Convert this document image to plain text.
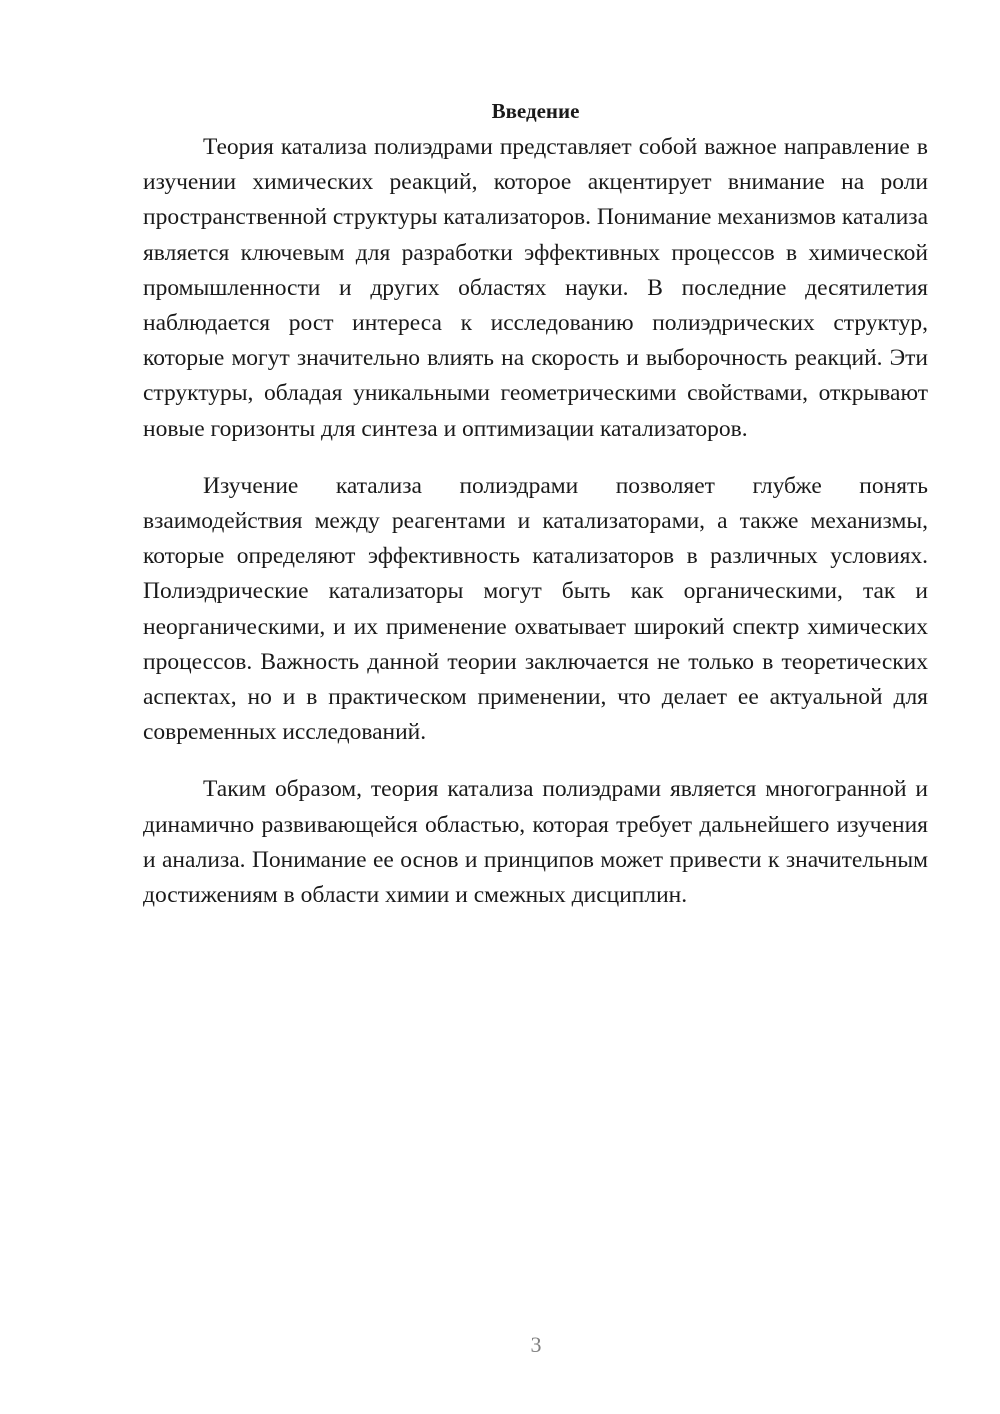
Введение

Теория катализа полиэдрами представляет собой важное направление в изучении химических реакций, которое акцентирует внимание на роли пространственной структуры катализаторов. Понимание механизмов катализа является ключевым для разработки эффективных процессов в химической промышленности и других областях науки. В последние десятилетия наблюдается рост интереса к исследованию полиэдрических структур, которые могут значительно влиять на скорость и выборочность реакций. Эти структуры, обладая уникальными геометрическими свойствами, открывают новые горизонты для синтеза и оптимизации катализаторов.

Изучение катализа полиэдрами позволяет глубже понять взаимодействия между реагентами и катализаторами, а также механизмы, которые определяют эффективность катализаторов в различных условиях. Полиэдрические катализаторы могут быть как органическими, так и неорганическими, и их применение охватывает широкий спектр химических процессов. Важность данной теории заключается не только в теоретических аспектах, но и в практическом применении, что делает ее актуальной для современных исследований.

Таким образом, теория катализа полиэдрами является многогранной и динамично развивающейся областью, которая требует дальнейшего изучения и анализа. Понимание ее основ и принципов может привести к значительным достижениям в области химии и смежных дисциплин.

3
